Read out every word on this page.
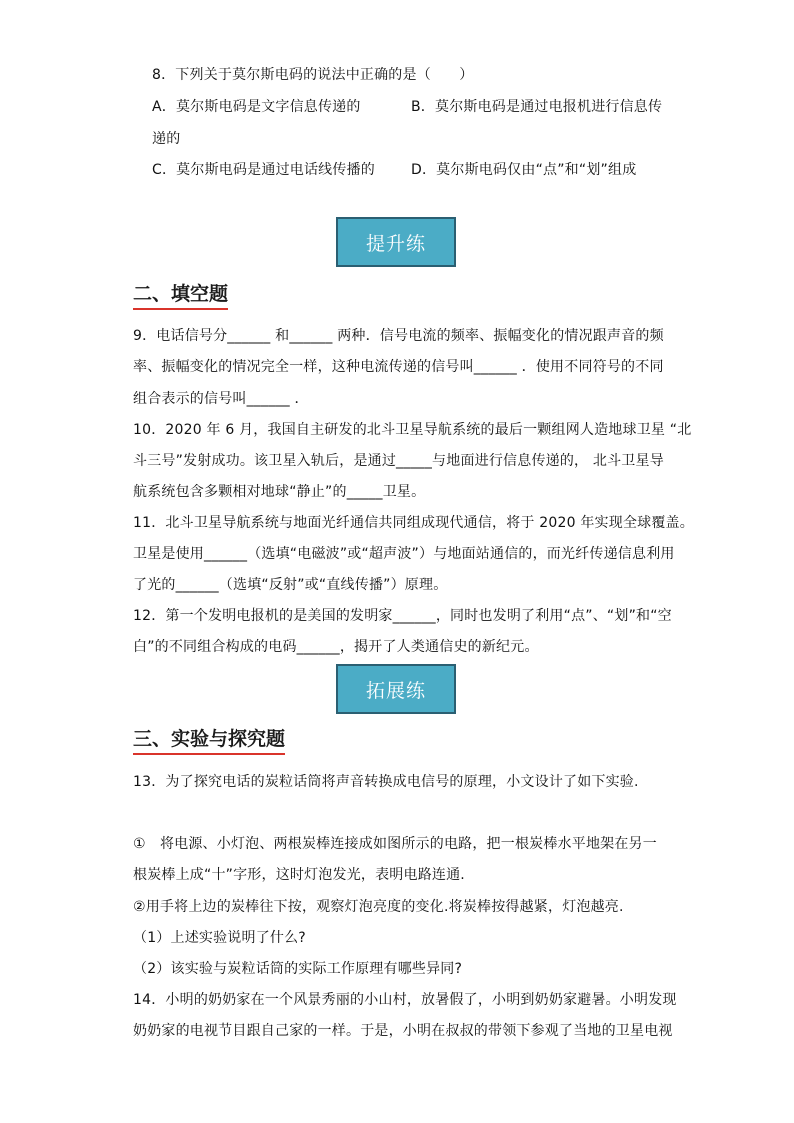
8．下列关于莫尔斯电码的说法中正确的是（　　）
A．莫尔斯电码是文字信息传递的	B．莫尔斯电码是通过电报机进行信息传
递的
C．莫尔斯电码是通过电话线传播的	D．莫尔斯电码仅由“点”和“划”组成
提升练
二、填空题
9．电话信号分______ 和______ 两种．信号电流的频率、振幅变化的情况跟声音的频
率、振幅变化的情况完全一样，这种电流传递的信号叫______ ．使用不同符号的不同
组合表示的信号叫______ ．
10．2020 年 6 月，我国自主研发的北斗卫星导航系统的最后一颗组网人造地球卫星 “北
斗三号”发射成功。该卫星入轨后，是通过_____与地面进行信息传递的， 北斗卫星导
航系统包含多颗相对地球“静止”的_____卫星。
11．北斗卫星导航系统与地面光纤通信共同组成现代通信，将于 2020 年实现全球覆盖。
卫星是使用______（选填“电磁波”或“超声波”）与地面站通信的，而光纤传递信息利用
了光的______（选填“反射”或“直线传播”）原理。
12．第一个发明电报机的是美国的发明家______，同时也发明了利用“点”、“划”和“空
白”的不同组合构成的电码______，揭开了人类通信史的新纪元。
拓展练
三、实验与探究题
13．为了探究电话的炭粒话筒将声音转换成电信号的原理，小文设计了如下实验.
①　将电源、小灯泡、两根炭棒连接成如图所示的电路，把一根炭棒水平地架在另一
根炭棒上成“十”字形，这时灯泡发光，表明电路连通.
②用手将上边的炭棒往下按，观察灯泡亮度的变化.将炭棒按得越紧，灯泡越亮.
（1）上述实验说明了什么?
（2）该实验与炭粒话筒的实际工作原理有哪些异同?
14．小明的奶奶家在一个风景秀丽的小山村，放暑假了，小明到奶奶家避暑。小明发现
奶奶家的电视节目跟自己家的一样。于是，小明在叔叔的带领下参观了当地的卫星电视
